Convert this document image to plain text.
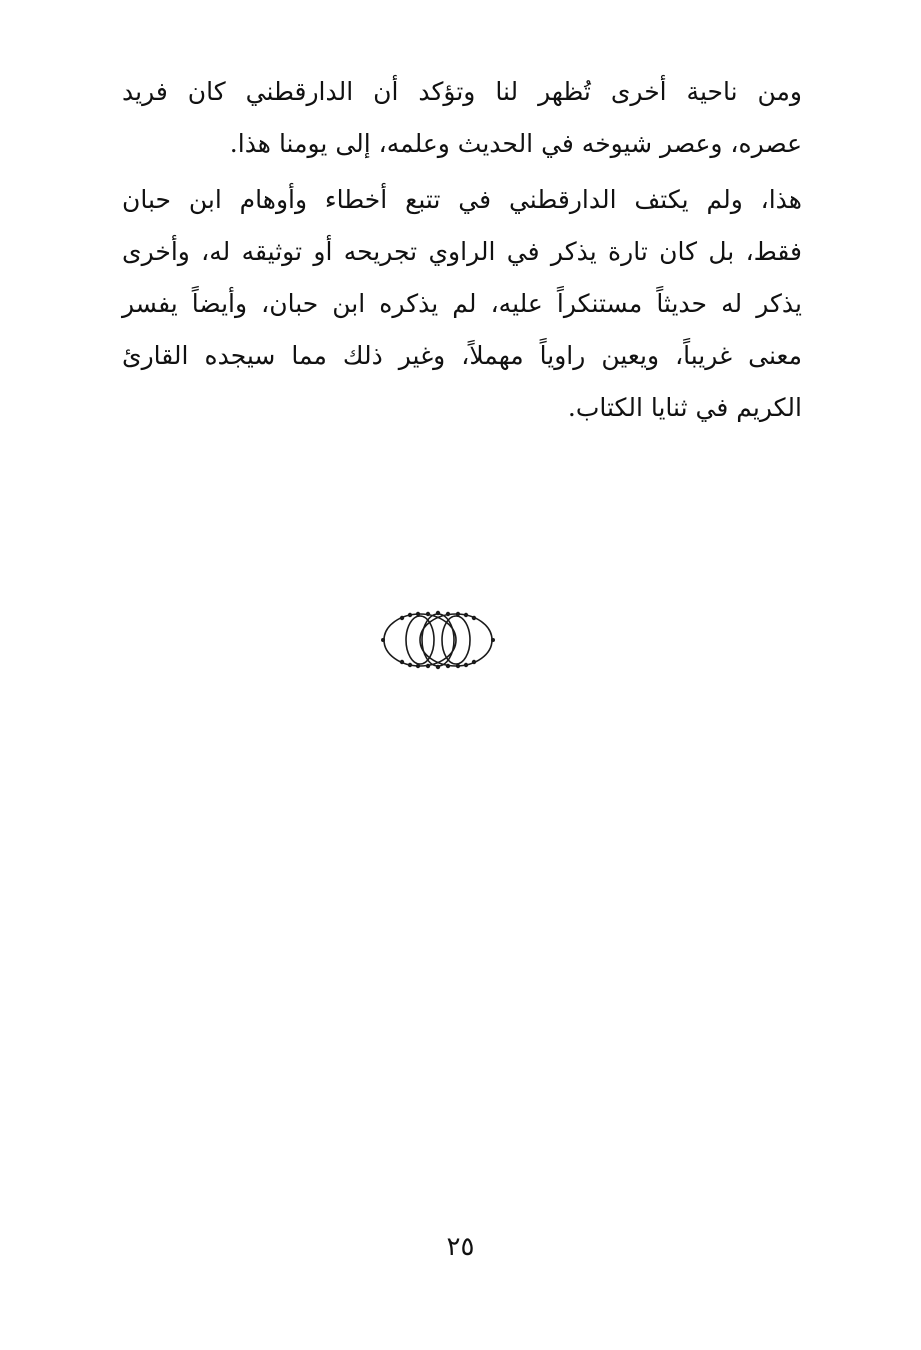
ومن ناحية أخرى تُظهر لنا وتؤكد أن الدارقطني كان فريد
عصره، وعصر شيوخه في الحديث وعلمه، إلى يومنا هذا.
هذا، ولم يكتف الدارقطني في تتبع أخطاء وأوهام ابن حبان
فقط، بل كان تارة يذكر في الراوي تجريحه أو توثيقه له، وأخرى
يذكر له حديثاً مستنكراً عليه، لم يذكره ابن حبان، وأيضاً يفسر
معنى غريباً، ويعين راوياً مهملاً، وغير ذلك مما سيجده القارئ
الكريم في ثنايا الكتاب.
٢٥
